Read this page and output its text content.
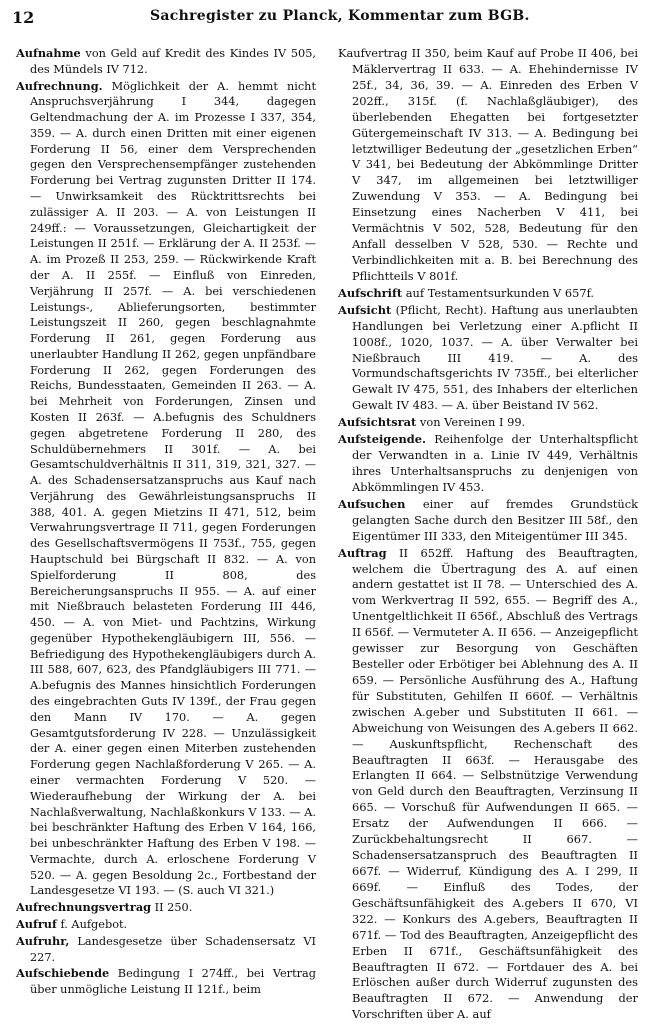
12	Sachregister zu Planck, Kommentar zum BGB.

Aufnahme von Geld auf Kredit des Kindes IV 505, des Mündels IV 712.

Aufrechnung. Möglichkeit der A. hemmt nicht Anspruchsverjährung I 344, dagegen Geltendmachung der A. im Prozesse I 337, 354, 359. — A. durch einen Dritten mit einer eigenen Forderung II 56, einer dem Versprechenden gegen den Versprechensempfänger zustehenden Forderung bei Vertrag zugunsten Dritter II 174. — Unwirksamkeit des Rücktrittsrechts bei zulässiger A. II 203. — A. von Leistungen II 249ff.: — Voraussetzungen, Gleichartigkeit der Leistungen II 251f. — Erklärung der A. II 253f. — A. im Prozeß II 253, 259. — Rückwirkende Kraft der A. II 255f. — Einfluß von Einreden, Verjährung II 257f. — A. bei verschiedenen Leistungs-, Ablieferungsorten, bestimmter Leistungszeit II 260, gegen beschlagnahmte Forderung II 261, gegen Forderung aus unerlaubter Handlung II 262, gegen unpfändbare Forderung II 262, gegen Forderungen des Reichs, Bundesstaaten, Gemeinden II 263. — A. bei Mehrheit von Forderungen, Zinsen und Kosten II 263f. — A.befugnis des Schuldners gegen abgetretene Forderung II 280, des Schuldübernehmers II 301f. — A. bei Gesamtschuldverhältnis II 311, 319, 321, 327. — A. des Schadensersatzanspruchs aus Kauf nach Verjährung des Gewährleistungsanspruchs II 388, 401. A. gegen Mietzins II 471, 512, beim Verwahrungsvertrage II 711, gegen Forderungen des Gesellschaftsvermögens II 753f., 755, gegen Hauptschuld bei Bürgschaft II 832. — A. von Spielforderung II 808, des Bereicherungsanspruchs II 955. — A. auf einer mit Nießbrauch belasteten Forderung III 446, 450. — A. von Miet- und Pachtzins, Wirkung gegenüber Hypothekengläubigern III, 556. — Befriedigung des Hypothekengläubigers durch A. III 588, 607, 623, des Pfandgläubigers III 771. — A.befugnis des Mannes hinsichtlich Forderungen des eingebrachten Guts IV 139f., der Frau gegen den Mann IV 170. — A. gegen Gesamtgutsforderung IV 228. — Unzulässigkeit der A. einer gegen einen Miterben zustehenden Forderung gegen Nachlaßforderung V 265. — A. einer vermachten Forderung V 520. — Wiederaufhebung der Wirkung der A. bei Nachlaßverwaltung, Nachlaßkonkurs V 133. — A. bei beschränkter Haftung des Erben V 164, 166, bei unbeschränkter Haftung des Erben V 198. — Vermachte, durch A. erloschene Forderung V 520. — A. gegen Besoldung 2c., Fortbestand der Landesgesetze VI 193. — (S. auch VI 321.)

Aufrechnungsvertrag II 250.

Aufruf f. Aufgebot.

Aufruhr, Landesgesetze über Schadensersatz VI 227.

Aufschiebende Bedingung I 274ff., bei Vertrag über unmögliche Leistung II 121f., beim

Kaufvertrag II 350, beim Kauf auf Probe II 406, bei Mäklervertrag II 633. — A. Ehehindernisse IV 25f., 34, 36, 39. — A. Einreden des Erben V 202ff., 315f. (f. Nachlaßgläubiger), des überlebenden Ehegatten bei fortgesetzter Gütergemeinschaft IV 313. — A. Bedingung bei letztwilliger Bedeutung der „gesetzlichen Erben“ V 341, bei Bedeutung der Abkömmlinge Dritter V 347, im allgemeinen bei letztwilliger Zuwendung V 353. — A. Bedingung bei Einsetzung eines Nacherben V 411, bei Vermächtnis V 502, 528, Bedeutung für den Anfall desselben V 528, 530. — Rechte und Verbindlichkeiten mit a. B. bei Berechnung des Pflichtteils V 801f.

Aufschrift auf Testamentsurkunden V 657f.

Aufsicht (Pflicht, Recht). Haftung aus unerlaubten Handlungen bei Verletzung einer A.pflicht II 1008f., 1020, 1037. — A. über Verwalter bei Nießbrauch III 419. — A. des Vormundschaftsgerichts IV 735ff., bei elterlicher Gewalt IV 475, 551, des Inhabers der elterlichen Gewalt IV 483. — A. über Beistand IV 562.

Aufsichtsrat von Vereinen I 99.

Aufsteigende. Reihenfolge der Unterhaltspflicht der Verwandten in a. Linie IV 449, Verhältnis ihres Unterhaltsanspruchs zu denjenigen von Abkömmlingen IV 453.

Aufsuchen einer auf fremdes Grundstück gelangten Sache durch den Besitzer III 58f., den Eigentümer III 333, den Miteigentümer III 345.

Auftrag II 652ff. Haftung des Beauftragten, welchem die Übertragung des A. auf einen andern gestattet ist II 78. — Unterschied des A. vom Werkvertrag II 592, 655. — Begriff des A., Unentgeltlichkeit II 656f., Abschluß des Vertrags II 656f. — Vermuteter A. II 656. — Anzeigepflicht gewisser zur Besorgung von Geschäften Besteller oder Erbötiger bei Ablehnung des A. II 659. — Persönliche Ausführung des A., Haftung für Substituten, Gehilfen II 660f. — Verhältnis zwischen A.geber und Substituten II 661. — Abweichung von Weisungen des A.gebers II 662. — Auskunftspflicht, Rechenschaft des Beauftragten II 663f. — Herausgabe des Erlangten II 664. — Selbstnützige Verwendung von Geld durch den Beauftragten, Verzinsung II 665. — Vorschuß für Aufwendungen II 665. — Ersatz der Aufwendungen II 666. — Zurückbehaltungsrecht II 667. — Schadensersatzanspruch des Beauftragten II 667f. — Widerruf, Kündigung des A. I 299, II 669f. — Einfluß des Todes, der Geschäftsunfähigkeit des A.gebers II 670, VI 322. — Konkurs des A.gebers, Beauftragten II 671f. — Tod des Beauftragten, Anzeigepflicht des Erben II 671f., Geschäftsunfähigkeit des Beauftragten II 672. — Fortdauer des A. bei Erlöschen außer durch Widerruf zugunsten des Beauftragten II 672. — Anwendung der Vorschriften über A. auf
